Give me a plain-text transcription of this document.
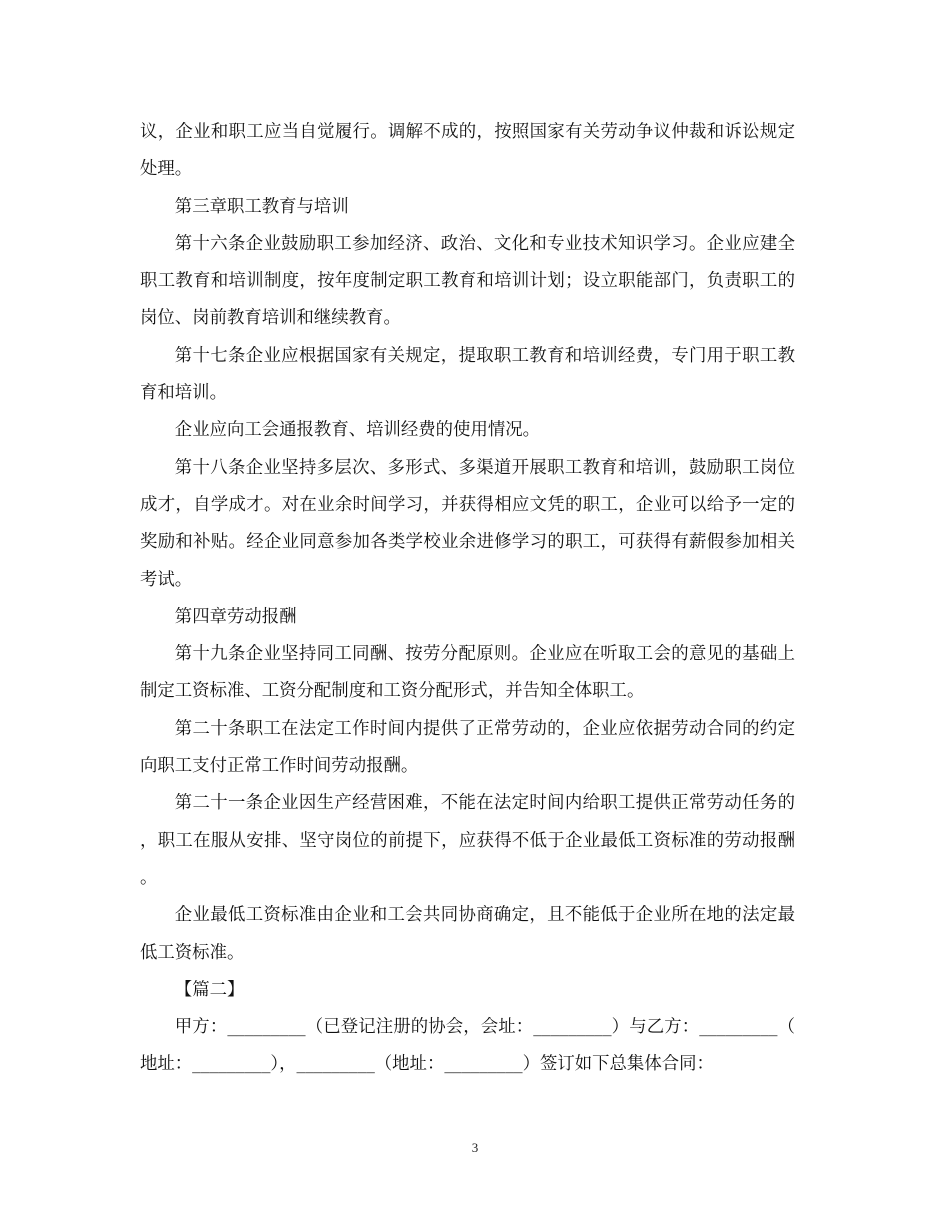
议，企业和职工应当自觉履行。调解不成的，按照国家有关劳动争议仲裁和诉讼规定处理。

第三章职工教育与培训

第十六条企业鼓励职工参加经济、政治、文化和专业技术知识学习。企业应建全职工教育和培训制度，按年度制定职工教育和培训计划；设立职能部门，负责职工的岗位、岗前教育培训和继续教育。

第十七条企业应根据国家有关规定，提取职工教育和培训经费，专门用于职工教育和培训。

企业应向工会通报教育、培训经费的使用情况。

第十八条企业坚持多层次、多形式、多渠道开展职工教育和培训，鼓励职工岗位成才，自学成才。对在业余时间学习，并获得相应文凭的职工，企业可以给予一定的奖励和补贴。经企业同意参加各类学校业余进修学习的职工，可获得有薪假参加相关考试。

第四章劳动报酬

第十九条企业坚持同工同酬、按劳分配原则。企业应在听取工会的意见的基础上制定工资标准、工资分配制度和工资分配形式，并告知全体职工。

第二十条职工在法定工作时间内提供了正常劳动的，企业应依据劳动合同的约定向职工支付正常工作时间劳动报酬。

第二十一条企业因生产经营困难，不能在法定时间内给职工提供正常劳动任务的，职工在服从安排、坚守岗位的前提下，应获得不低于企业最低工资标准的劳动报酬。

企业最低工资标准由企业和工会共同协商确定，且不能低于企业所在地的法定最低工资标准。

【篇二】

甲方：_________（已登记注册的协会，会址：_________）与乙方：_________（地址：_________），_________（地址：_________）签订如下总集体合同：

3
